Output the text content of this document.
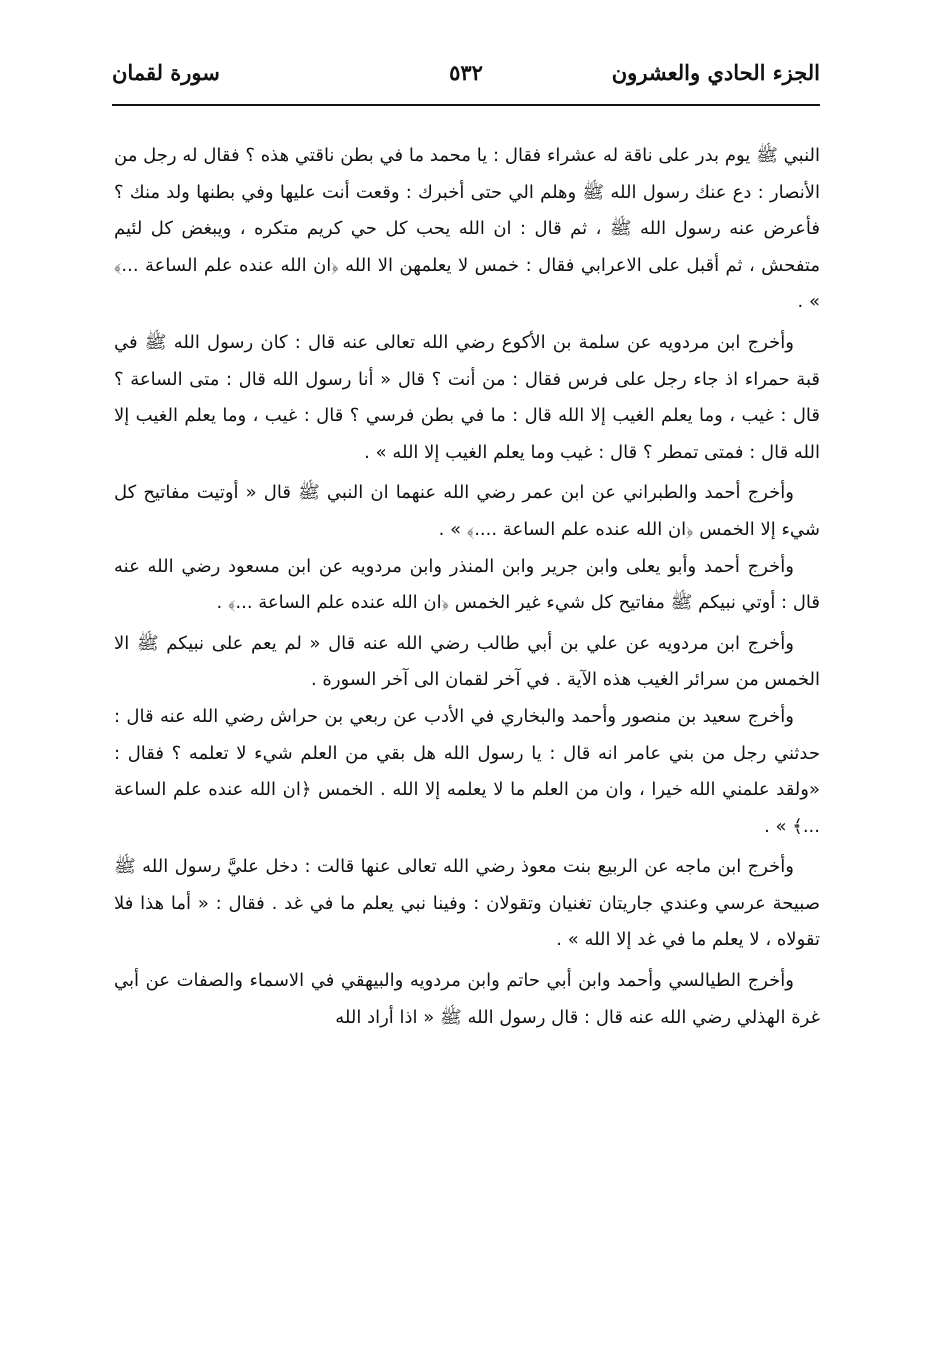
الجزء الحادي والعشرون
٥٣٢
سورة لقمان

النبي ﷺ يوم بدر على ناقة له عشراء فقال : يا محمد ما في بطن ناقتي هذه ؟ فقال له رجل من الأنصار : دع عنك رسول الله ﷺ وهلم الي حتى أخبرك : وقعت أنت عليها وفي بطنها ولد منك ؟ فأعرض عنه رسول الله ﷺ ، ثم قال : ان الله يحب كل حي كريم متكره ، ويبغض كل لئيم متفحش ، ثم أقبل على الاعرابي فقال : خمس لا يعلمهن الا الله ﴿ان الله عنده علم الساعة ...﴾ » .

وأخرج ابن مردويه عن سلمة بن الأكوع رضي الله تعالى عنه قال : كان رسول الله ﷺ في قبة حمراء اذ جاء رجل على فرس فقال : من أنت ؟ قال « أنا رسول الله قال : متى الساعة ؟ قال : غيب ، وما يعلم الغيب إلا الله قال : ما في بطن فرسي ؟ قال : غيب ، وما يعلم الغيب إلا الله قال : فمتى تمطر ؟ قال : غيب وما يعلم الغيب إلا الله » .

وأخرج أحمد والطبراني عن ابن عمر رضي الله عنهما ان النبي ﷺ قال « أوتيت مفاتيح كل شيء إلا الخمس ﴿ان الله عنده علم الساعة ....﴾ » .

وأخرج أحمد وأبو يعلى وابن جرير وابن المنذر وابن مردويه عن ابن مسعود رضي الله عنه قال : أوتي نبيكم ﷺ مفاتيح كل شيء غير الخمس ﴿ان الله عنده علم الساعة ...﴾ .

وأخرج ابن مردويه عن علي بن أبي طالب رضي الله عنه قال « لم يعم على نبيكم ﷺ الا الخمس من سرائر الغيب هذه الآية . في آخر لقمان الى آخر السورة .

وأخرج سعيد بن منصور وأحمد والبخاري في الأدب عن ربعي بن حراش رضي الله عنه قال : حدثني رجل من بني عامر انه قال : يا رسول الله هل بقي من العلم شيء لا تعلمه ؟ فقال : «ولقد علمني الله خيرا ، وان من العلم ما لا يعلمه إلا الله . الخمس ﴿ان الله عنده علم الساعة ...﴾ » .

وأخرج ابن ماجه عن الربيع بنت معوذ رضي الله تعالى عنها قالت : دخل عليَّ رسول الله ﷺ صبيحة عرسي وعندي جاريتان تغنيان وتقولان : وفينا نبي يعلم ما في غد . فقال : « أما هذا فلا تقولاه ، لا يعلم ما في غد إلا الله » .

وأخرج الطيالسي وأحمد وابن أبي حاتم وابن مردويه والبيهقي في الاسماء والصفات عن أبي غرة الهذلي رضي الله عنه قال : قال رسول الله ﷺ « اذا أراد الله
